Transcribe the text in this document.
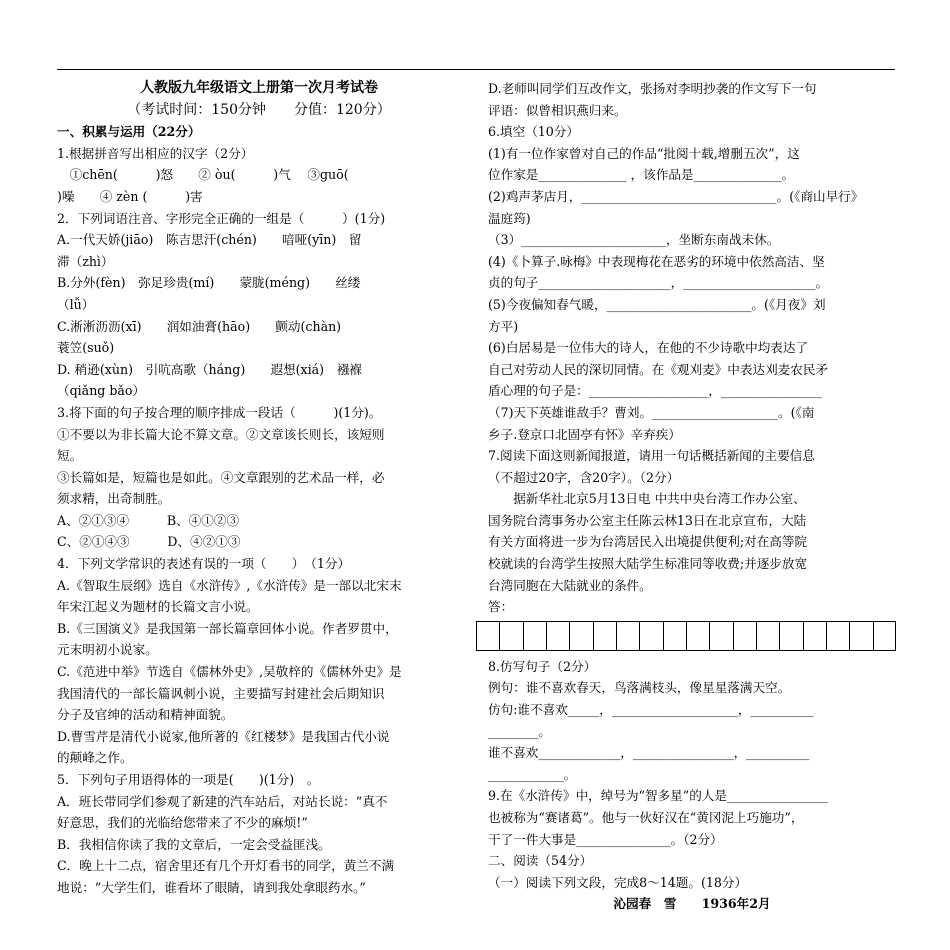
人教版九年级语文上册第一次月考试卷

（考试时间：150分钟　　分值：120分）

一、积累与运用（22分）

1.根据拼音写出相应的汉字（2分）

　①chēn(　　　)怒　　② òu(　　　)气　 ③guō(

)噪　　④ zèn (　　　)害

2．下列词语注音、字形完全正确的一组是（　　　）(1分)

A.一代天娇(jiāo)　陈吉思汗(chén)　　喑哑(yīn)　留

滞（zhì）

B.分外(fèn)　弥足珍贵(mí)　　蒙胧(méng)　　丝缕

（lǚ）

C.淅淅沥沥(xī)　　润如油膏(hāo)　　颤动(chàn)

蓑笠(suǒ)

D. 稍逊(xùn)　引吭高歌（háng)　　遐想(xiá)　襁褓

（qiǎng bǎo）

3.将下面的句子按合理的顺序排成一段话（　　　)(1分)。

①不要以为非长篇大论不算文章。②文章该长则长，该短则

短。

③长篇如是，短篇也是如此。④文章跟别的艺术品一样，必

须求精，出奇制胜。

A、②①③④　　　B、④①②③

C、②①④③　　　D、④②①③

4．下列文学常识的表述有误的一项（　　）　（1分）

A.《智取生辰纲》选自《水浒传》,《水浒传》是一部以北宋末

年宋江起义为题材的长篇文言小说。

B.《三国演义》是我国第一部长篇章回体小说。作者罗贯中，

元末明初小说家。

C.《范进中举》节选自《儒林外史》,吴敬梓的《儒林外史》是

我国清代的一部长篇讽刺小说，主要描写封建社会后期知识

分子及官绅的活动和精神面貌。

D.曹雪芹是清代小说家,他所著的《红楼梦》是我国古代小说

的颠峰之作。

5．下列句子用语得体的一项是(　　)(1分)　。

A．班长带同学们参观了新建的汽车站后，对站长说：“真不

好意思，我们的光临给您带来了不少的麻烦!”

B．我相信你读了我的文章后，一定会受益匪浅。

C．晚上十二点，宿舍里还有几个开灯看书的同学，黄兰不满

地说：“大学生们，谁看坏了眼睛，请到我处拿眼药水。”

D.老师叫同学们互改作文，张扬对李明抄袭的作文写下一句

评语：似曾相识燕归来。

6.填空（10分）

(1)有一位作家曾对自己的作品“批阅十载,增删五次”，这

位作家是______________ ，该作品是______________。

(2)鸡声茅店月，_______________________________。(《商山早行》

温庭筠)

（3）_______________________，坐断东南战未休。

(4)《卜算子.咏梅》中表现梅花在恶劣的环境中依然高洁、坚

贞的句子_____________________，_____________________。

(5)今夜偏知春气暖，_______________________。(《月夜》刘

方平)

(6)白居易是一位伟大的诗人，在他的不少诗歌中均表达了

自己对劳动人民的深切同情。在《观刈麦》中表达刈麦农民矛

盾心理的句子是：___________________，________________

（7)天下英雄谁敌手？曹刘。____________________。(《南

乡子.登京口北固亭有怀》辛弃疾）

7.阅读下面这则新闻报道，请用一句话概括新闻的主要信息

（不超过20字，含20字）。（2分）

　　据新华社北京5月13日电 中共中央台湾工作办公室、

国务院台湾事务办公室主任陈云林13日在北京宣布，大陆

有关方面将进一步为台湾居民入出境提供便利;对在高等院

校就读的台湾学生按照大陆学生标准同等收费;并逐步放宽

台湾同胞在大陆就业的条件。

答：

8.仿写句子（2分）

例句：谁不喜欢春天，鸟落满枝头，像星星落满天空。

仿句:谁不喜欢_____，____________________，__________

________。

谁不喜欢_____________，________________，__________

____________。

9.在《水浒传》中，绰号为“智多星”的人是________________

也被称为“赛诸葛”。他与一伙好汉在“黄冈泥上巧施功”，

干了一件大事是_______________。（2分）

二、阅读（54分）

（一）阅读下列文段，完成8～14题。(18分）

沁园春　雪　　1936年2月
